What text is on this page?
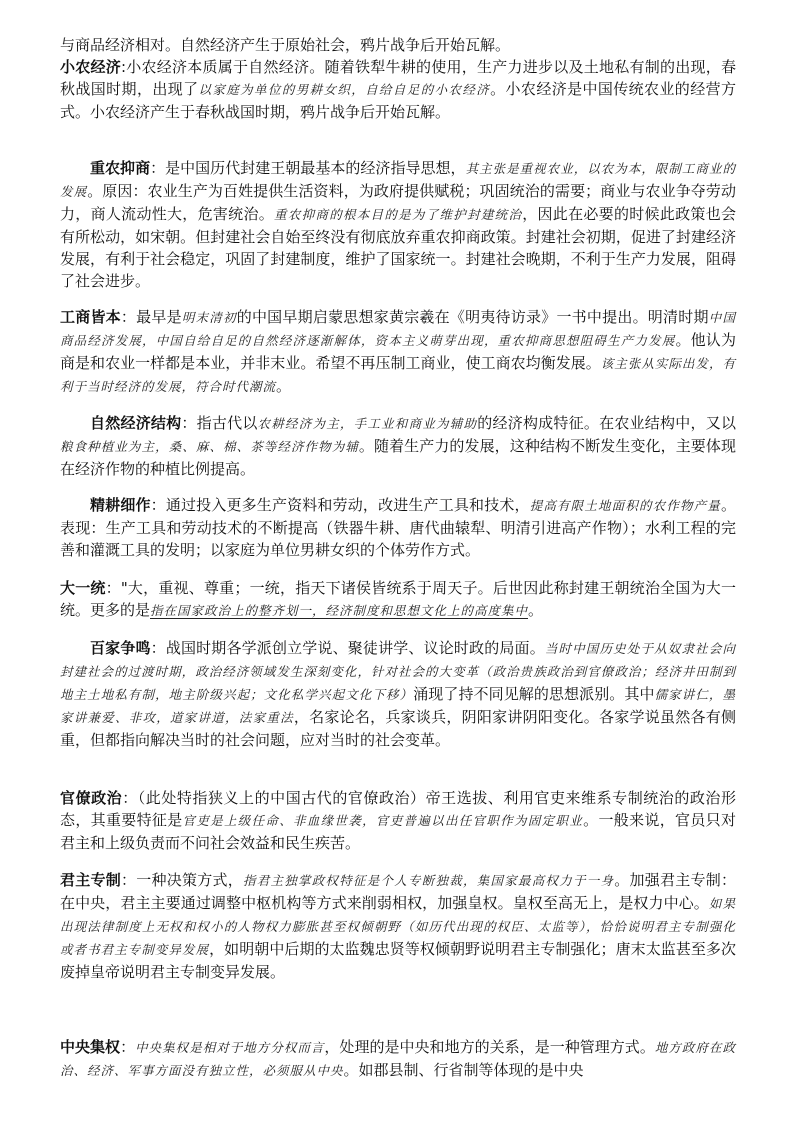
与商品经济相对。自然经济产生于原始社会，鸦片战争后开始瓦解。

小农经济:小农经济本质属于自然经济。随着铁犁牛耕的使用，生产力进步以及土地私有制的出现，春秋战国时期，出现了以家庭为单位的男耕女织，自给自足的小农经济。小农经济是中国传统农业的经营方式。小农经济产生于春秋战国时期，鸦片战争后开始瓦解。

重农抑商：是中国历代封建王朝最基本的经济指导思想，其主张是重视农业，以农为本，限制工商业的发展。原因：农业生产为百姓提供生活资料，为政府提供赋税；巩固统治的需要；商业与农业争夺劳动力，商人流动性大，危害统治。重农抑商的根本目的是为了维护封建统治，因此在必要的时候此政策也会有所松动，如宋朝。但封建社会自始至终没有彻底放弃重农抑商政策。封建社会初期，促进了封建经济发展，有利于社会稳定，巩固了封建制度，维护了国家统一。封建社会晚期，不利于生产力发展，阻碍了社会进步。

工商皆本：最早是明末清初的中国早期启蒙思想家黄宗羲在《明夷待访录》一书中提出。明清时期中国商品经济发展，中国自给自足的自然经济逐渐解体，资本主义萌芽出现，重农抑商思想阻碍生产力发展。他认为商是和农业一样都是本业，并非末业。希望不再压制工商业，使工商农均衡发展。该主张从实际出发，有利于当时经济的发展，符合时代潮流。

自然经济结构：指古代以农耕经济为主，手工业和商业为辅助的经济构成特征。在农业结构中，又以粮食种植业为主，桑、麻、棉、茶等经济作物为辅。随着生产力的发展，这种结构不断发生变化，主要体现在经济作物的种植比例提高。

精耕细作：通过投入更多生产资料和劳动，改进生产工具和技术，提高有限土地面积的农作物产量。表现：生产工具和劳动技术的不断提高（铁器牛耕、唐代曲辕犁、明清引进高产作物）；水利工程的完善和灌溉工具的发明；以家庭为单位男耕女织的个体劳作方式。

大一统："大，重视、尊重；一统，指天下诸侯皆统系于周天子。后世因此称封建王朝统治全国为大一统。更多的是指在国家政治上的整齐划一，经济制度和思想文化上的高度集中。

百家争鸣：战国时期各学派创立学说、聚徒讲学、议论时政的局面。当时中国历史处于从奴隶社会向封建社会的过渡时期，政治经济领域发生深刻变化，针对社会的大变革（政治贵族政治到官僚政治；经济井田制到地主土地私有制，地主阶级兴起；文化私学兴起文化下移）涌现了持不同见解的思想派别。其中儒家讲仁，墨家讲兼爱、非攻，道家讲道，法家重法，名家论名，兵家谈兵，阴阳家讲阴阳变化。各家学说虽然各有侧重，但都指向解决当时的社会问题，应对当时的社会变革。

官僚政治：（此处特指狭义上的中国古代的官僚政治）帝王选拔、利用官吏来维系专制统治的政治形态，其重要特征是官吏是上级任命、非血缘世袭，官吏普遍以出任官职作为固定职业。一般来说，官员只对君主和上级负责而不问社会效益和民生疾苦。

君主专制：一种决策方式，指君主独掌政权特征是个人专断独裁，集国家最高权力于一身。加强君主专制：在中央，君主主要通过调整中枢机构等方式来削弱相权，加强皇权。皇权至高无上，是权力中心。如果出现法律制度上无权和权小的人物权力膨胀甚至权倾朝野（如历代出现的权臣、太监等），恰恰说明君主专制强化或者书君主专制变异发展，如明朝中后期的太监魏忠贤等权倾朝野说明君主专制强化；唐末太监甚至多次废掉皇帝说明君主专制变异发展。

中央集权：中央集权是相对于地方分权而言，处理的是中央和地方的关系，是一种管理方式。地方政府在政治、经济、军事方面没有独立性，必须服从中央。如郡县制、行省制等体现的是中央
